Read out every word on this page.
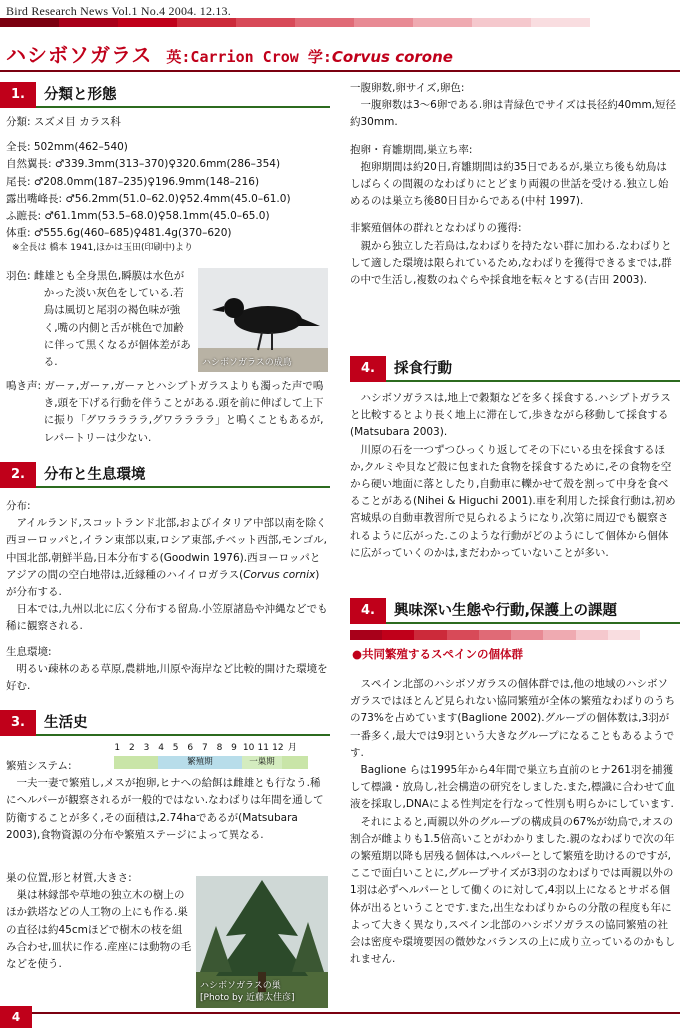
Bird Research News Vol.1 No.4 2004. 12.13.
ハシボソガラス 英:Carrion Crow 学:Corvus corone
1.	分類と形態

分類: スズメ目 カラス科

全長: 502mm(462–540)

自然翼長: ♂339.3mm(313–370)♀320.6mm(286–354)

尾長: ♂208.0mm(187–235)♀196.9mm(148–216)

露出嘴峰長: ♂56.2mm(51.0–62.0)♀52.4mm(45.0–61.0)

ふ蹠長: ♂61.1mm(53.5–68.0)♀58.1mm(45.0–65.0)

体重: ♂555.6g(460–685)♀481.4g(370–620)

※全長は 橋本 1941,ほかは玉田(印刷中)より

ハシボソガラスの成鳥

羽色: 雌雄とも全身黒色,瞬膜は水色がかった淡い灰色をしている.若鳥は風切と尾羽の褐色味が強く,嘴の内側と舌が桃色で加齢に伴って黒くなるが個体差がある.

鳴き声: ガーァ,ガーァ,ガーァとハシブトガラスよりも濁った声で鳴き,頭を下げる行動を伴うことがある.頭を前に伸ばして上下に振り「グワララララ,グワララララ」と鳴くこともあるが,レパートリーは少ない.

2.	分布と生息環境

分布:

アイルランド,スコットランド北部,およびイタリア中部以南を除く西ヨーロッパと,イラン東部以東,ロシア東部,チベット西部,モンゴル,中国北部,朝鮮半島,日本分布する(Goodwin 1976).西ヨーロッパとアジアの間の空白地帯は,近縁種のハイイロガラス(Corvus cornix)が分布する.

日本では,九州以北に広く分布する留鳥.小笠原諸島や沖縄などでも稀に観察される.

生息環境:

明るい疎林のある草原,農耕地,川原や海岸など比較的開けた環境を好む.

3.	生活史
1 2 3 4 5 6 7 8 9 10 11 12 月
繁殖期	一巣期

繁殖システム:

一夫一妻で繁殖し,メスが抱卵,ヒナへの給餌は雌雄とも行なう.稀にヘルパーが観察されるが一般的ではない.なわばりは年間を通して防衛することが多く,その面積は,2.74haであるが(Matsubara 2003),食物資源の分布や繁殖ステージによって異なる.

巣の位置,形と材質,大きさ:

巣は林縁部や草地の独立木の樹上のほか鉄塔などの人工物の上にも作る.巣の直径は約45cmほどで樹木の枝を組み合わせ,皿状に作る.産座には動物の毛などを使う.

ハシボソガラスの巣
[Photo by 近藤太佳彦]

一腹卵数,卵サイズ,卵色:

一腹卵数は3〜6卵である.卵は青緑色でサイズは長径約40mm,短径約30mm.

抱卵・育雛期間,巣立ち率:

抱卵期間は約20日,育雛期間は約35日であるが,巣立ち後も幼鳥はしばらくの間親のなわばりにとどまり両親の世話を受ける.独立し始めるのは巣立ち後80日目からである(中村 1997).

非繁殖個体の群れとなわばりの獲得:

親から独立した若鳥は,なわばりを持たない群に加わる.なわばりとして適した環境は限られているため,なわばりを獲得できるまでは,群の中で生活し,複数のねぐらや採食地を転々とする(吉田 2003).

4.	採食行動

ハシボソガラスは,地上で穀類などを多く採食する.ハシブトガラスと比較するとより長く地上に滞在して,歩きながら移動して採食する(Matsubara 2003).

川原の石を一つずつひっくり返してその下にいる虫を採食するほか,クルミや貝など殻に包まれた食物を採食するために,その食物を空から硬い地面に落としたり,自動車に轢かせて殻を割って中身を食べることがある(Nihei & Higuchi 2001).車を利用した採食行動は,初め宮城県の自動車教習所で見られるようになり,次第に周辺でも観察されるように広がった.このような行動がどのようにして個体から個体に広がっていくのかは,まだわかっていないことが多い.

4.	興味深い生態や行動,保護上の課題
●共同繁殖するスペインの個体群

スペイン北部のハシボソガラスの個体群では,他の地域のハシボソガラスではほとんど見られない協同繁殖が全体の繁殖なわばりのうちの73%を占めています(Baglione 2002).グループの個体数は,3羽が一番多く,最大では9羽という大きなグループになることもあるようです.

Baglione らは1995年から4年間で巣立ち直前のヒナ261羽を捕獲して標識・放鳥し,社会構造の研究をしました.また,標識に合わせて血液を採取し,DNAによる性判定を行なって性別も明らかにしています.

それによると,両親以外のグループの構成員の67%が幼鳥で,オスの割合が雌よりも1.5倍高いことがわかりました.親のなわばりで次の年の繁殖期以降も居残る個体は,ヘルパーとして繁殖を助けるのですが,ここで面白いことに,グループサイズが3羽のなわばりでは両親以外の1羽は必ずヘルパーとして働くのに対して,4羽以上になるとサボる個体が出るということです.また,出生なわばりからの分散の程度も年によって大きく異なり,スペイン北部のハシボソガラスの協同繁殖の社会は密度や環境要因の微妙なバランスの上に成り立っているのかもしれません.

4
